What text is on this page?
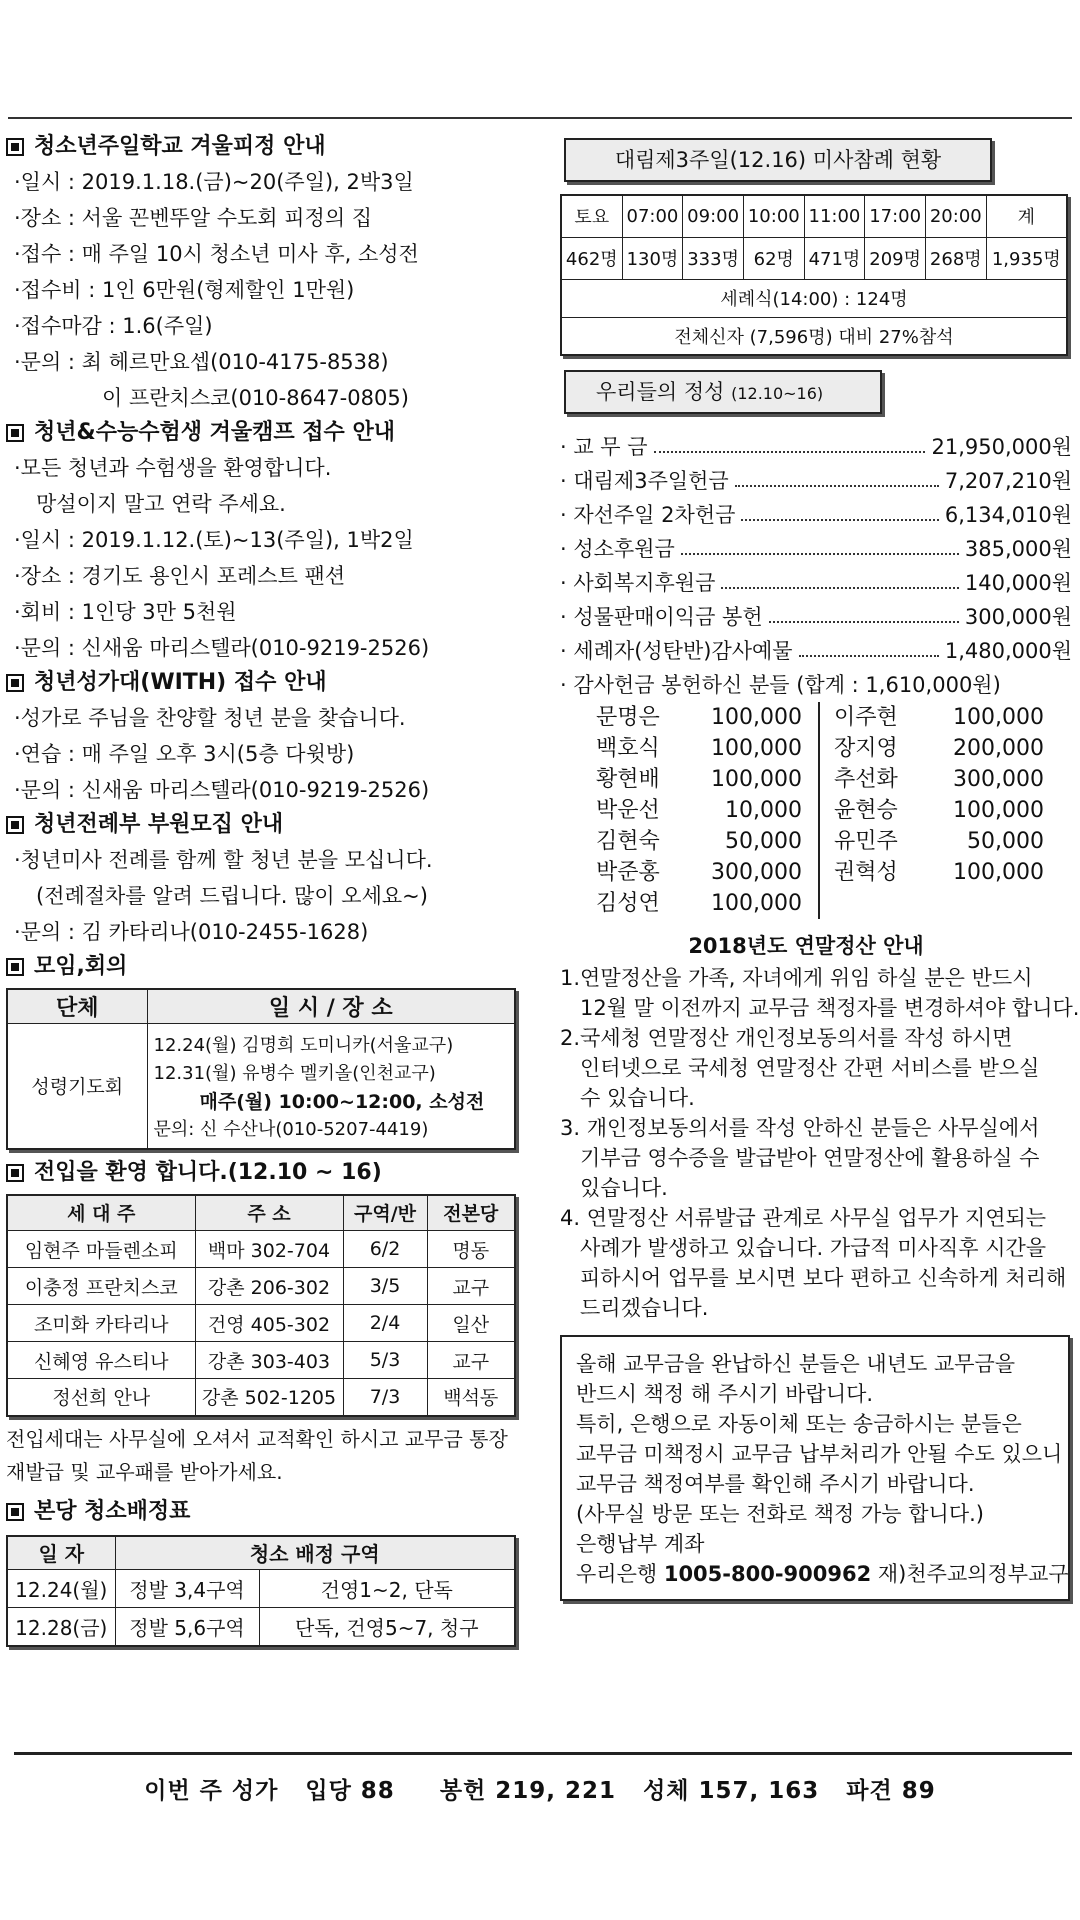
청소년주일학교 겨울피정 안내
·일시 : 2019.1.18.(금)~20(주일), 2박3일
·장소 : 서울 꼰벤뚜알 수도회 피정의 집
·접수 : 매 주일 10시 청소년 미사 후, 소성전
·접수비 : 1인 6만원(형제할인 1만원)
·접수마감 : 1.6(주일)
·문의 : 최 헤르만요셉(010-4175-8538)
이 프란치스코(010-8647-0805)
청년&수능수험생 겨울캠프 접수 안내
·모든 청년과 수험생을 환영합니다.
망설이지 말고 연락 주세요.
·일시 : 2019.1.12.(토)~13(주일), 1박2일
·장소 : 경기도 용인시 포레스트 팬션
·회비 : 1인당 3만 5천원
·문의 : 신새움 마리스텔라(010-9219-2526)
청년성가대(WITH) 접수 안내
·성가로 주님을 찬양할 청년 분을 찾습니다.
·연습 : 매 주일 오후 3시(5층 다윗방)
·문의 : 신새움 마리스텔라(010-9219-2526)
청년전례부 부원모집 안내
·청년미사 전례를 함께 할 청년 분을 모십니다.
(전례절차를 알려 드립니다. 많이 오세요~)
·문의 : 김 카타리나(010-2455-1628)
모임,회의
단체	일 시 / 장 소
성령기도회	12.24(월) 김명희 도미니카(서울교구)
12.31(월) 유병수 멜키올(인천교구)
매주(월) 10:00~12:00, 소성전
문의: 신 수산나(010-5207-4419)
전입을 환영 합니다.(12.10 ~ 16)
세 대 주	주 소	구역/반	전본당
임현주 마들렌소피	백마 302-704	6/2	명동
이충정 프란치스코	강촌 206-302	3/5	교구
조미화 카타리나	건영 405-302	2/4	일산
신혜영 유스티나	강촌 303-403	5/3	교구
정선희 안나	강촌 502-1205	7/3	백석동
전입세대는 사무실에 오셔서 교적확인 하시고 교무금 통장
재발급 및 교우패를 받아가세요.
본당 청소배정표
일 자	청소 배정 구역	
12.24(월)	정발 3,4구역	건영1~2, 단독
12.28(금)	정발 5,6구역	단독, 건영5~7, 청구
대림제3주일(12.16) 미사참례 현황
토요	07:00	09:00	10:00	11:00	17:00	20:00	계
462명	130명	333명	62명	471명	209명	268명	1,935명
세례식(14:00) : 124명							
전체신자 (7,596명) 대비 27%참석							
우리들의 정성 (12.10~16)
· 교 무 금	21,950,000원
· 대림제3주일헌금	7,207,210원
· 자선주일 2차헌금	6,134,010원
· 성소후원금	385,000원
· 사회복지후원금	140,000원
· 성물판매이익금 봉헌	300,000원
· 세례자(성탄반)감사예물	1,480,000원
· 감사헌금 봉헌하신 분들 (합계 : 1,610,000원)
문명은	100,000	이주현	100,000
백호식	100,000	장지영	200,000
황현배	100,000	추선화	300,000
박운선	10,000	윤현승	100,000
김현숙	50,000	유민주	50,000
박준홍	300,000	권혁성	100,000
김성연	100,000
2018년도 연말정산 안내
1.연말정산을 가족, 자녀에게 위임 하실 분은 반드시
12월 말 이전까지 교무금 책정자를 변경하셔야 합니다.
2.국세청 연말정산 개인정보동의서를 작성 하시면
인터넷으로 국세청 연말정산 간편 서비스를 받으실
수 있습니다.
3. 개인정보동의서를 작성 안하신 분들은 사무실에서
기부금 영수증을 발급받아 연말정산에 활용하실 수
있습니다.
4. 연말정산 서류발급 관계로 사무실 업무가 지연되는
사례가 발생하고 있습니다. 가급적 미사직후 시간을
피하시어 업무를 보시면 보다 편하고 신속하게 처리해
드리겠습니다.
올해 교무금을 완납하신 분들은 내년도 교무금을
반드시 책정 해 주시기 바랍니다.
특히, 은행으로 자동이체 또는 송금하시는 분들은
교무금 미책정시 교무금 납부처리가 안될 수도 있으니
교무금 책정여부를 확인해 주시기 바랍니다.
(사무실 방문 또는 전화로 책정 가능 합니다.)
은행납부 계좌
우리은행 1005-800-900962 재)천주교의정부교구
이번 주 성가   입당 88     봉헌 219, 221   성체 157, 163   파견 89
